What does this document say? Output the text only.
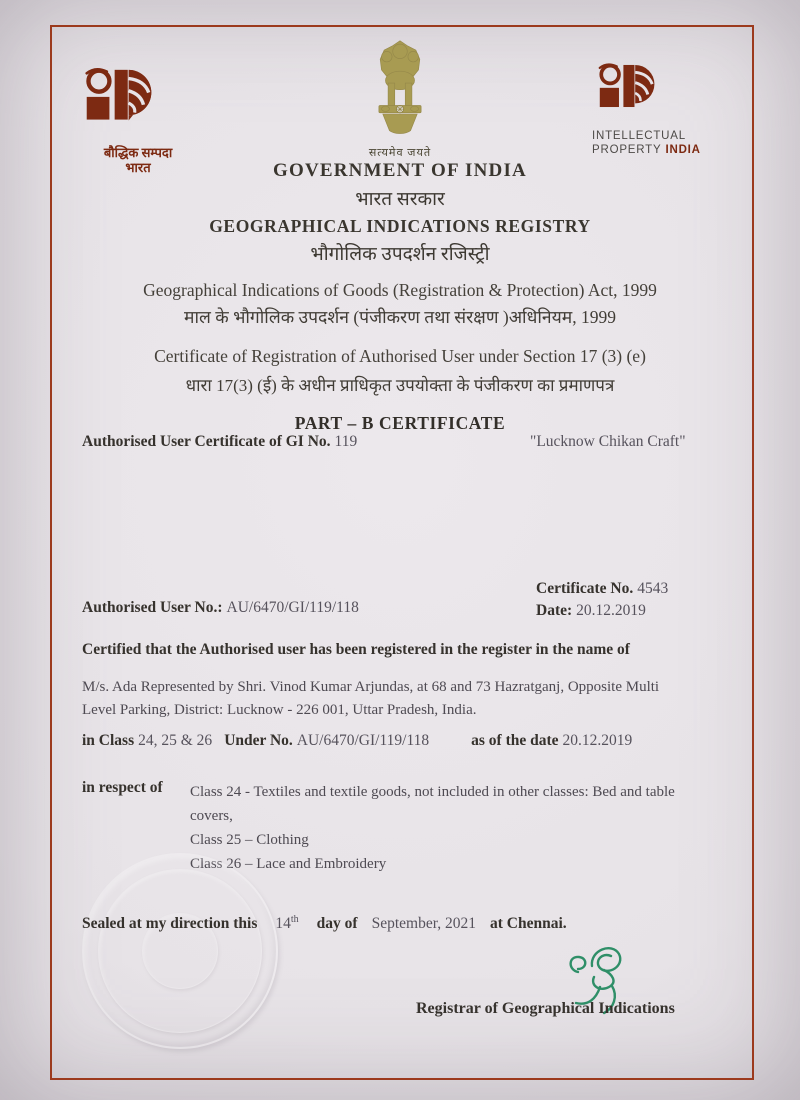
बौद्धिक सम्पदा
भारत
सत्यमेव जयते
INTELLECTUAL
PROPERTY INDIA
GOVERNMENT OF INDIA
भारत सरकार
GEOGRAPHICAL INDICATIONS REGISTRY
भौगोलिक उपदर्शन रजिस्ट्री
Geographical Indications of Goods (Registration & Protection) Act, 1999
माल के भौगोलिक उपदर्शन (पंजीकरण तथा संरक्षण )अधिनियम, 1999
Certificate of Registration of Authorised User under Section 17 (3) (e)
धारा 17(3) (ई) के अधीन प्राधिकृत उपयोक्ता के पंजीकरण का प्रमाणपत्र
PART – B CERTIFICATE
Authorised User Certificate of GI No. 119	"Lucknow Chikan Craft"
Certificate No. 4543
Date: 20.12.2019
Authorised User No.: AU/6470/GI/119/118
Certified that the Authorised user has been registered in the register in the name of
M/s. Ada Represented by Shri. Vinod Kumar Arjundas, at 68 and 73 Hazratganj, Opposite Multi Level Parking, District: Lucknow - 226 001, Uttar Pradesh, India.
in Class 24, 25 & 26 Under No. AU/6470/GI/119/118	as of the date 20.12.2019
in respect of Class 24 - Textiles and textile goods, not included in other classes: Bed and table covers,
Class 25 – Clothing
Class 26 – Lace and Embroidery
Sealed at my direction this 14th day of September, 2021 at Chennai.
Registrar of Geographical Indications
